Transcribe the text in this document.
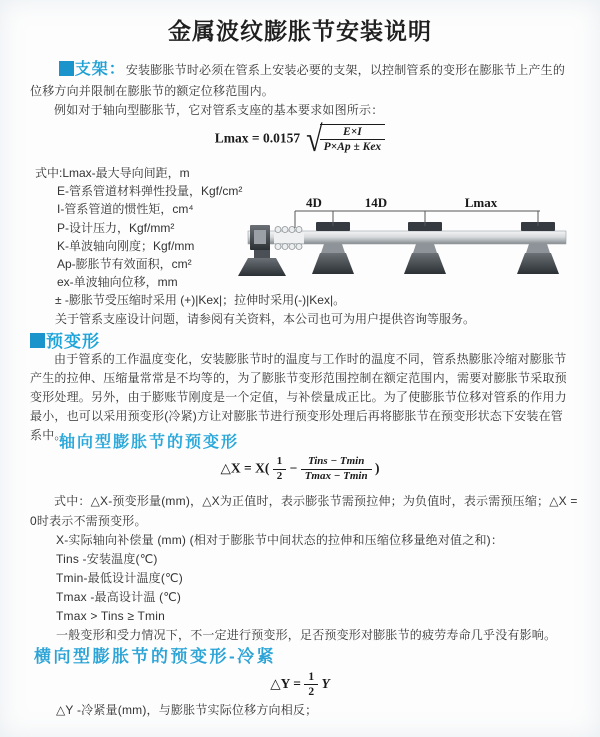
金属波纹膨胀节安装说明
支架：安装膨胀节时必须在管系上安装必要的支架，以控制管系的变形在膨胀节上产生的位移方向并限制在膨胀节的额定位移范围内。
例如对于轴向型膨胀节，它对管系支座的基本要求如图所示：
Lmax = 0.0157 √
$\frac{E\times I}{\text{P×Ap ± Kex}}$
式中:Lmax-最大导向间距，m
E-管系管道材料弹性投量，Kgf/cm²
I-管系管道的惯性矩，cm⁴
P-设计压力，Kgf/mm²
K-单波轴向刚度；Kgf/mm
Ap-膨胀节有效面积，cm²
ex-单波轴向位移，mm
± -膨胀节受压缩时采用 (+)|Kex|；拉伸时采用(-)|Kex|。
关于管系支座设计问题，请参阅有关资料，本公司也可为用户提供咨询等服务。
4D	14D	Lmax
预变形
由于管系的工作温度变化，安装膨胀节时的温度与工作时的温度不同，管系热膨胀冷缩对膨胀节产生的拉伸、压缩量常常是不均等的，为了膨胀节变形范围控制在额定范围内，需要对膨胀节采取预变形处理。另外，由于膨账节刚度是一个定值，与补偿量成正比。为了使膨胀节位移对管系的作用力最小，也可以采用预变形(冷紧)方让对膨胀节进行预变形处理后再将膨胀节在预变形状态下安装在管系中。
轴向型膨胀节的预变形
△X = $X( \frac{1}{2} - \frac{\text{Tins − Tmin}}{Tmax - Tmin}$ )

式中：△X-预变形量(mm)，△X为正值时，表示膨张节需预拉伸；为负值时，表示需预压缩；△X = 0时表示不需预变形。

X-实际轴向补偿量 (mm) (相对于膨胀节中间状态的拉伸和压缩位移量绝对值之和)：
Tins -安装温度(℃)
Tmin-最低设计温度(℃)
Tmax -最高设计温 (℃)
Tmax > Tins ≥ Tmin
一般变形和受力情况下，不一定进行预变形，足否预变形对膨胀节的疲劳寿命几乎没有影响。
横向型膨胀节的预变形-冷紧
△Y = $\frac{1}{2}$ Y
△Y -冷紧量(mm)，与膨胀节实际位移方向相反；
